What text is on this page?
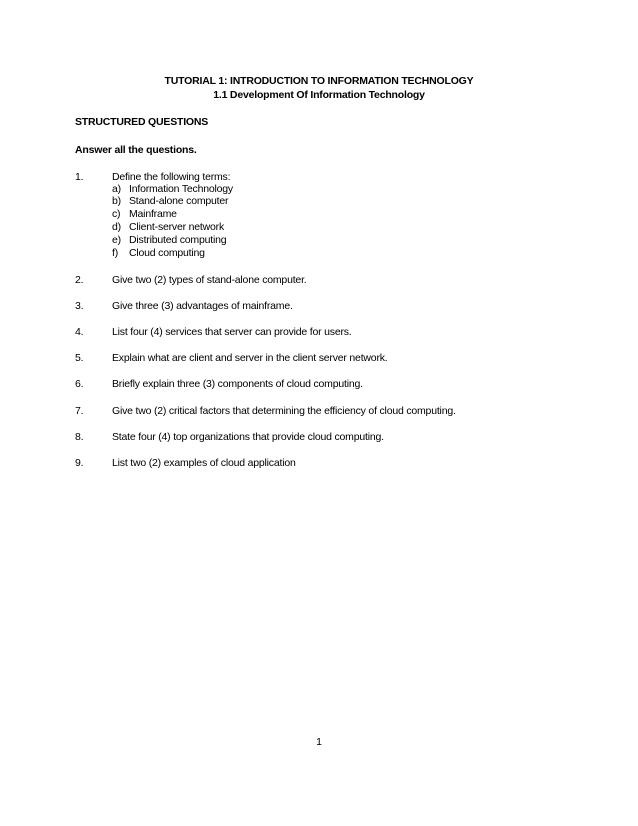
TUTORIAL 1: INTRODUCTION TO INFORMATION TECHNOLOGY
1.1 Development Of Information Technology
STRUCTURED QUESTIONS
Answer all the questions.
1.	Define the following terms:
a) Information Technology
b) Stand-alone computer
c) Mainframe
d) Client-server network
e) Distributed computing
f) Cloud computing
2.	Give two (2) types of stand-alone computer.
3.	Give three (3) advantages of mainframe.
4.	List four (4) services that server can provide for users.
5.	Explain what are client and server in the client server network.
6.	Briefly explain three (3) components of cloud computing.
7.	Give two (2) critical factors that determining the efficiency of cloud computing.
8.	State four (4) top organizations that provide cloud computing.
9.	List two (2) examples of cloud application
1
